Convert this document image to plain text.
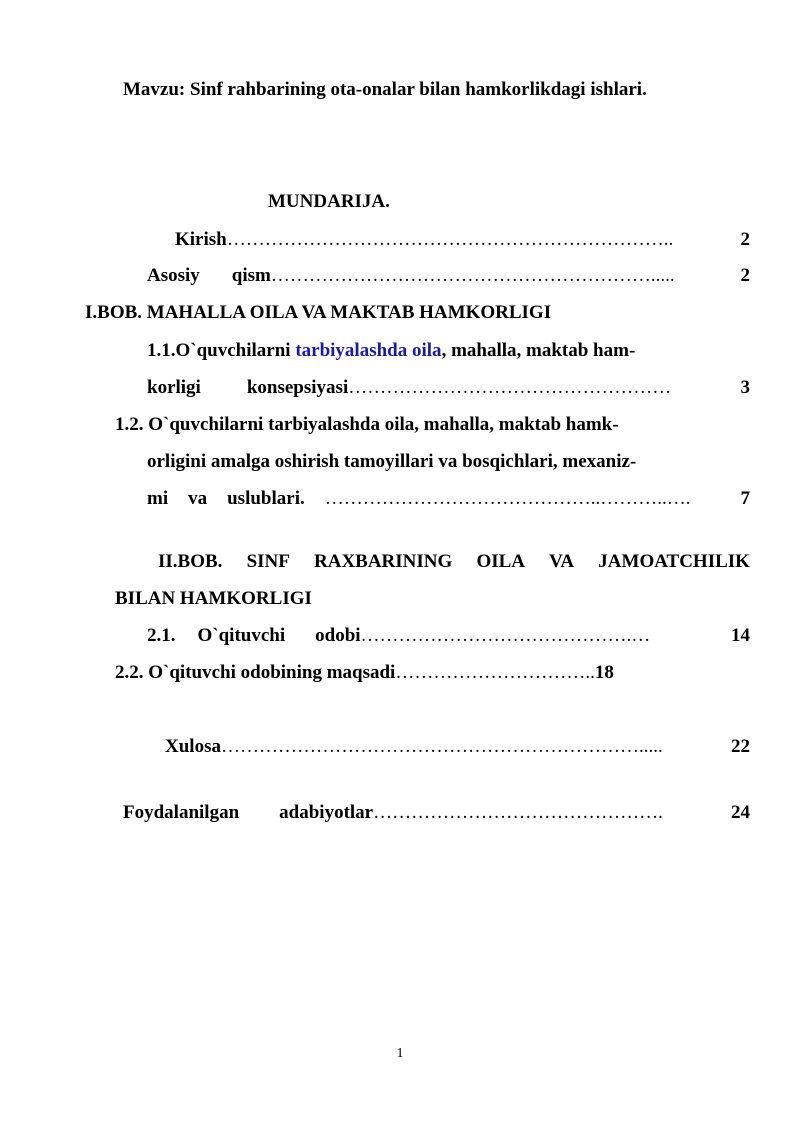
Mavzu: Sinf rahbarining ota-onalar bilan hamkorlikdagi ishlari.
MUNDARIJA.
Kirish ……………………………………………………………..	2
Asosiy qism …………………………………………………….....	2
I.BOB. MAHALLA OILA VA MAKTAB HAMKORLIGI
1.1.O`quvchilarni tarbiyalashda oila, mahalla, maktab ham-
korligi konsepsiyasi ……………………………………………	3
1.2. O`quvchilarni tarbiyalashda oila, mahalla, maktab hamk-
orligini amalga oshirish tamoyillari va bosqichlari, mexaniz-
mi va uslublari. ……………………………………..………..….	7
II.BOB. SINF RAXBARINING OILA VA JAMOATCHILIK
BILAN HAMKORLIGI
2.1. O`qituvchi odobi …………………………………….…	14
2.2. O`qituvchi odobining maqsadi…………………………..18
Xulosa ………………………………………………………….....	22
Foydalanilgan adabiyotlar ……………………………………….	24
1
